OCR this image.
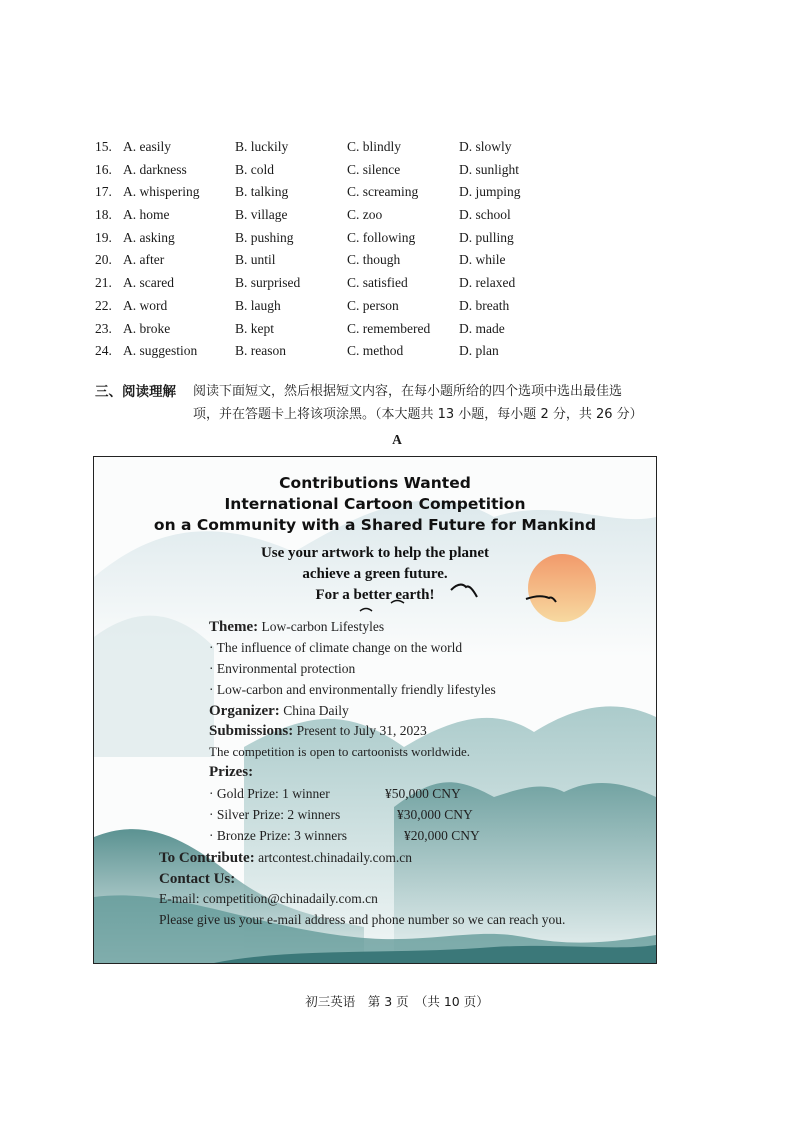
15. A. easily	B. luckily	C. blindly	D. slowly
16. A. darkness	B. cold	C. silence	D. sunlight
17. A. whispering	B. talking	C. screaming	D. jumping
18. A. home	B. village	C. zoo	D. school
19. A. asking	B. pushing	C. following	D. pulling
20. A. after	B. until	C. though	D. while
21. A. scared	B. surprised	C. satisfied	D. relaxed
22. A. word	B. laugh	C. person	D. breath
23. A. broke	B. kept	C. remembered D. made
24. A. suggestion	B. reason	C. method	D. plan
三、阅读理解 阅读下面短文，然后根据短文内容，在每小题所给的四个选项中选出最佳选
项，并在答题卡上将该项涂黑。（本大题共 13 小题，每小题 2 分，共 26 分）
A
Contributions Wanted
International Cartoon Competition
on a Community with a Shared Future for Mankind
Use your artwork to help the planet
achieve a green future.
For a better earth!
Theme: Low-carbon Lifestyles
· The influence of climate change on the world
· Environmental protection
· Low-carbon and environmentally friendly lifestyles
Organizer: China Daily
Submissions: Present to July 31, 2023
The competition is open to cartoonists worldwide.
Prizes:
· Gold Prize: 1 winner	¥50,000 CNY
· Silver Prize: 2 winners	¥30,000 CNY
· Bronze Prize: 3 winners	¥20,000 CNY
To Contribute: artcontest.chinadaily.com.cn
Contact Us:
E-mail: competition@chinadaily.com.cn
Please give us your e-mail address and phone number so we can reach you.
初三英语　第 3 页　（共 10 页）
